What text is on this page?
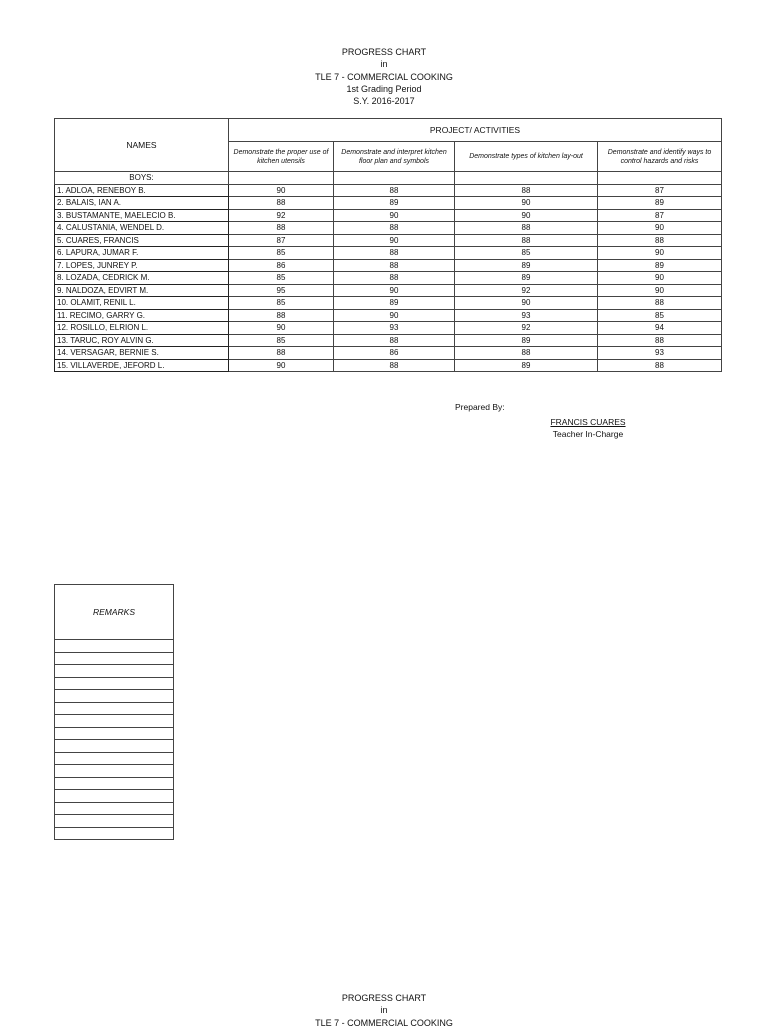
PROGRESS CHART
in
TLE 7 - COMMERCIAL COOKING
1st Grading Period
S.Y. 2016-2017
NAMES	PROJECT/ ACTIVITIES			
	Demonstrate the proper use of kitchen utensils	Demonstrate and interpret kitchen floor plan and symbols	Demonstrate types of kitchen lay-out	Demonstrate and identify ways to control hazards and risks
BOYS:				
1. ADLOA, RENEBOY B.	90	88	88	87
2. BALAIS, IAN A.	88	89	90	89
3. BUSTAMANTE, MAELECIO B.	92	90	90	87
4. CALUSTANIA, WENDEL D.	88	88	88	90
5. CUARES, FRANCIS	87	90	88	88
6. LAPURA, JUMAR F.	85	88	85	90
7. LOPES, JUNREY P.	86	88	89	89
8. LOZADA, CEDRICK M.	85	88	89	90
9. NALDOZA, EDVIRT M.	95	90	92	90
10. OLAMIT, RENIL L.	85	89	90	88
11. RECIMO, GARRY G.	88	90	93	85
12. ROSILLO, ELRION L.	90	93	92	94
13. TARUC, ROY ALVIN G.	85	88	89	88
14. VERSAGAR, BERNIE S.	88	86	88	93
15. VILLAVERDE, JEFORD L.	90	88	89	88
Prepared By:
FRANCIS CUARES
Teacher In-Charge
REMARKS
PROGRESS CHART
in
TLE 7 - COMMERCIAL COOKING
